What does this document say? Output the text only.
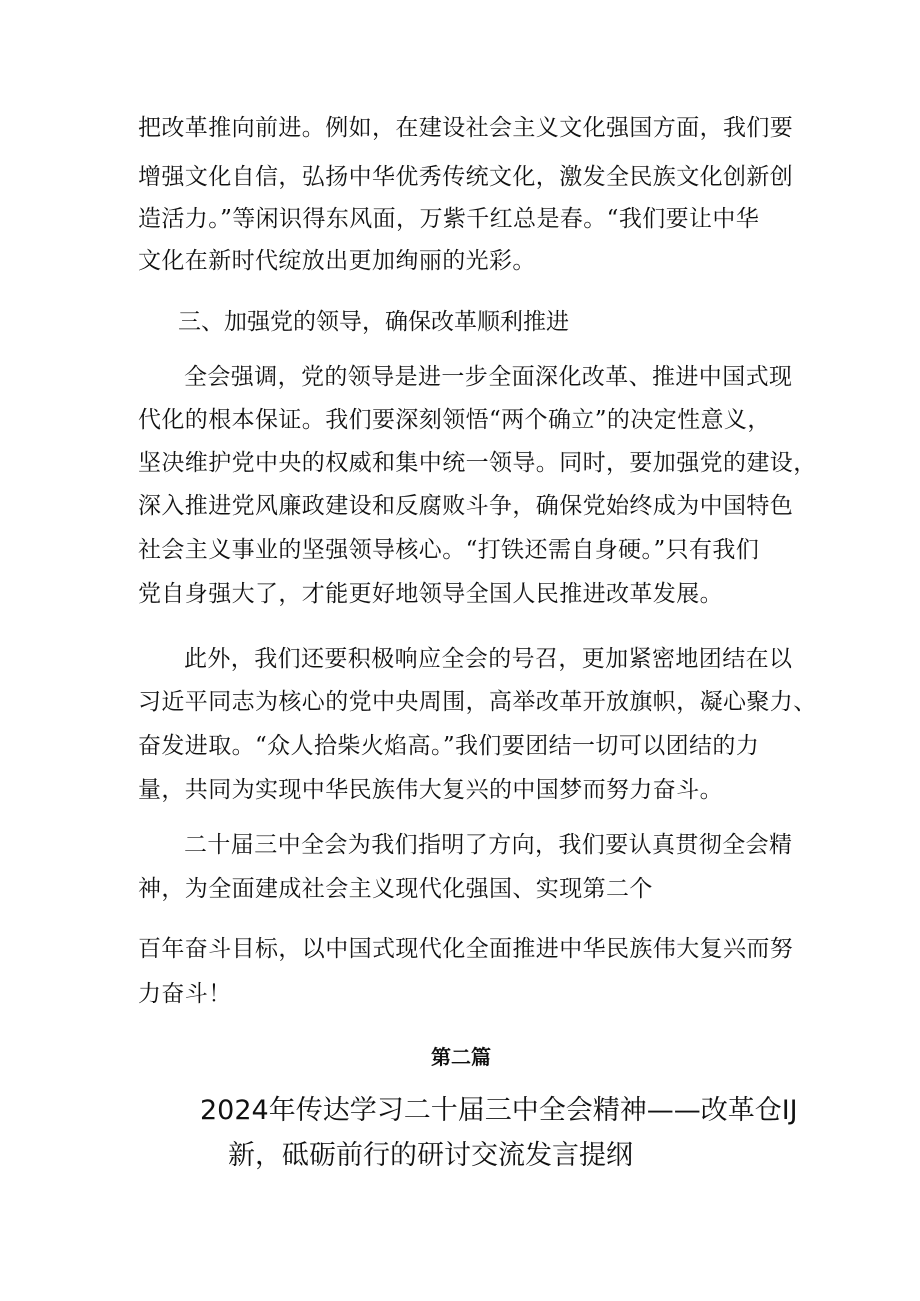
把改革推向前进。例如，在建设社会主义文化强国方面，我们要
增强文化自信，弘扬中华优秀传统文化，激发全民族文化创新创
造活力。”等闲识得东风面，万紫千红总是春。“我们要让中华
文化在新时代绽放出更加绚丽的光彩。
三、加强党的领导，确保改革顺利推进
全会强调，党的领导是进一步全面深化改革、推进中国式现
代化的根本保证。我们要深刻领悟“两个确立”的决定性意义，
坚决维护党中央的权威和集中统一领导。同时，要加强党的建设，
深入推进党风廉政建设和反腐败斗争，确保党始终成为中国特色
社会主义事业的坚强领导核心。“打铁还需自身硬。”只有我们
党自身强大了，才能更好地领导全国人民推进改革发展。
此外，我们还要积极响应全会的号召，更加紧密地团结在以
习近平同志为核心的党中央周围，高举改革开放旗帜，凝心聚力、
奋发进取。“众人拾柴火焰高。”我们要团结一切可以团结的力
量，共同为实现中华民族伟大复兴的中国梦而努力奋斗。
二十届三中全会为我们指明了方向，我们要认真贯彻全会精
神，为全面建成社会主义现代化强国、实现第二个
百年奋斗目标，以中国式现代化全面推进中华民族伟大复兴而努
力奋斗！
第二篇
2024年传达学习二十届三中全会精神——改革仓IJ
新，砥砺前行的研讨交流发言提纲
